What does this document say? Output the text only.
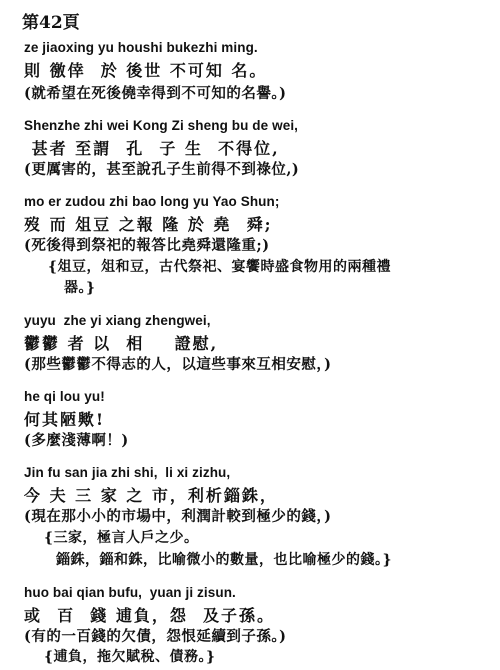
第42頁
ze jiaoxing yu houshi bukezhi ming.
則 徼倖  於 後世 不可知 名。
(就希望在死後僥幸得到不可知的名譽。)
Shenzhe zhi wei Kong Zi sheng bu de wei,
甚者 至謂  孔  子 生  不得位,
(更厲害的，甚至說孔子生前得不到祿位,)
mo er zudou zhi bao long yu Yao Shun;
歿 而 俎豆 之報 隆 於 堯  舜;
(死後得到祭祀的報答比堯舜還隆重;)
{俎豆，俎和豆，古代祭祀、宴饗時盛食物用的兩種禮
器。}
yuyu  zhe yi xiang zhengwei,
鬱鬱 者 以  相    證慰,
(那些鬱鬱不得志的人，以這些事來互相安慰，)
he qi lou yu!
何其陋歟!
(多麼淺薄啊！)
Jin fu san jia zhi shi,  li xi zizhu,
今 夫 三 家 之 市，利析錙銖，
(現在那小小的市場中，利潤計較到極少的錢，)
{三家，極言人戶之少。
錙銖，錙和銖，比喻微小的數量，也比喻極少的錢。}
huo bai qian bufu,  yuan ji zisun.
或  百  錢 逋負，怨  及子孫。
(有的一百錢的欠債，怨恨延續到子孫。)
{逋負，拖欠賦稅、債務。}
